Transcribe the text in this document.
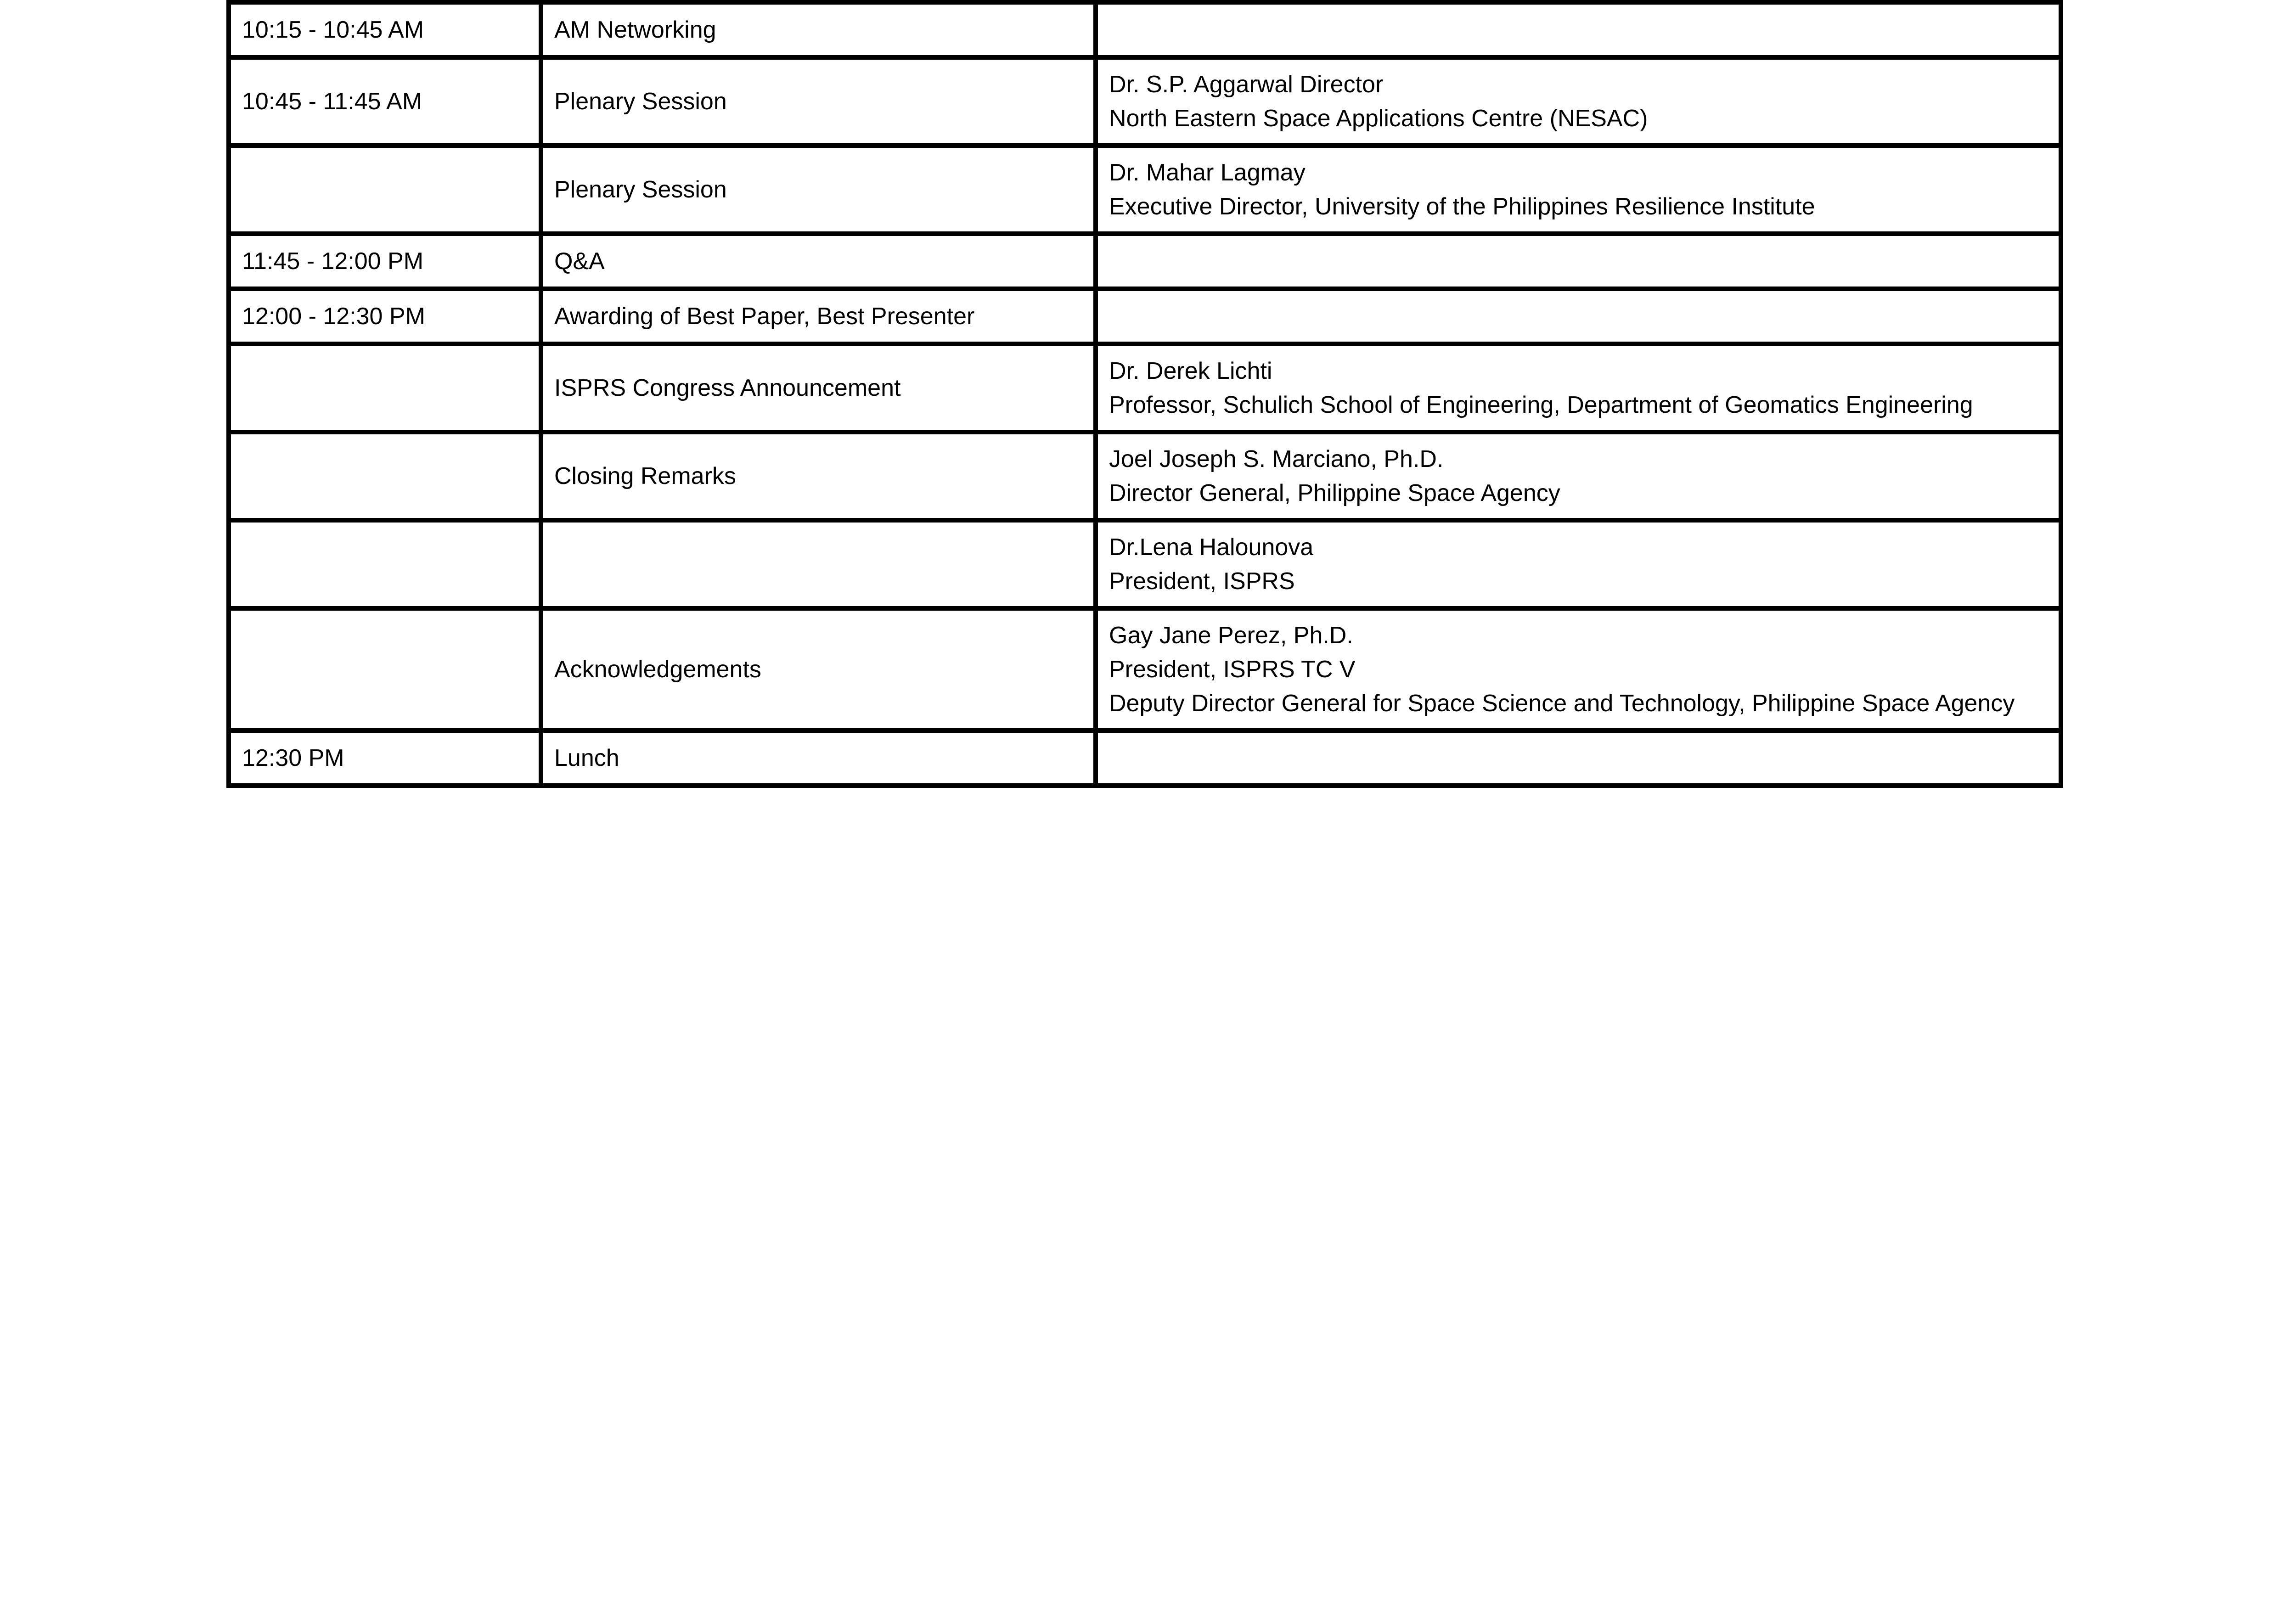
10:15 - 10:45 AM	AM Networking	
10:45 - 11:45 AM	Plenary Session	Dr. S.P. Aggarwal Director
North Eastern Space Applications Centre (NESAC)

	Plenary Session	Dr. Mahar Lagmay
Executive Director, University of the Philippines Resilience Institute

11:45 - 12:00 PM	Q&A	
12:00 - 12:30 PM	Awarding of Best Paper, Best Presenter	
	ISPRS Congress Announcement	Dr. Derek Lichti
Professor, Schulich School of Engineering, Department of Geomatics Engineering

	Closing Remarks	Joel Joseph S. Marciano, Ph.D.
Director General, Philippine Space Agency

		Dr.Lena Halounova
President, ISPRS

	Acknowledgements	Gay Jane Perez, Ph.D.
President, ISPRS TC V
Deputy Director General for Space Science and Technology, Philippine Space Agency

12:30 PM	Lunch	
